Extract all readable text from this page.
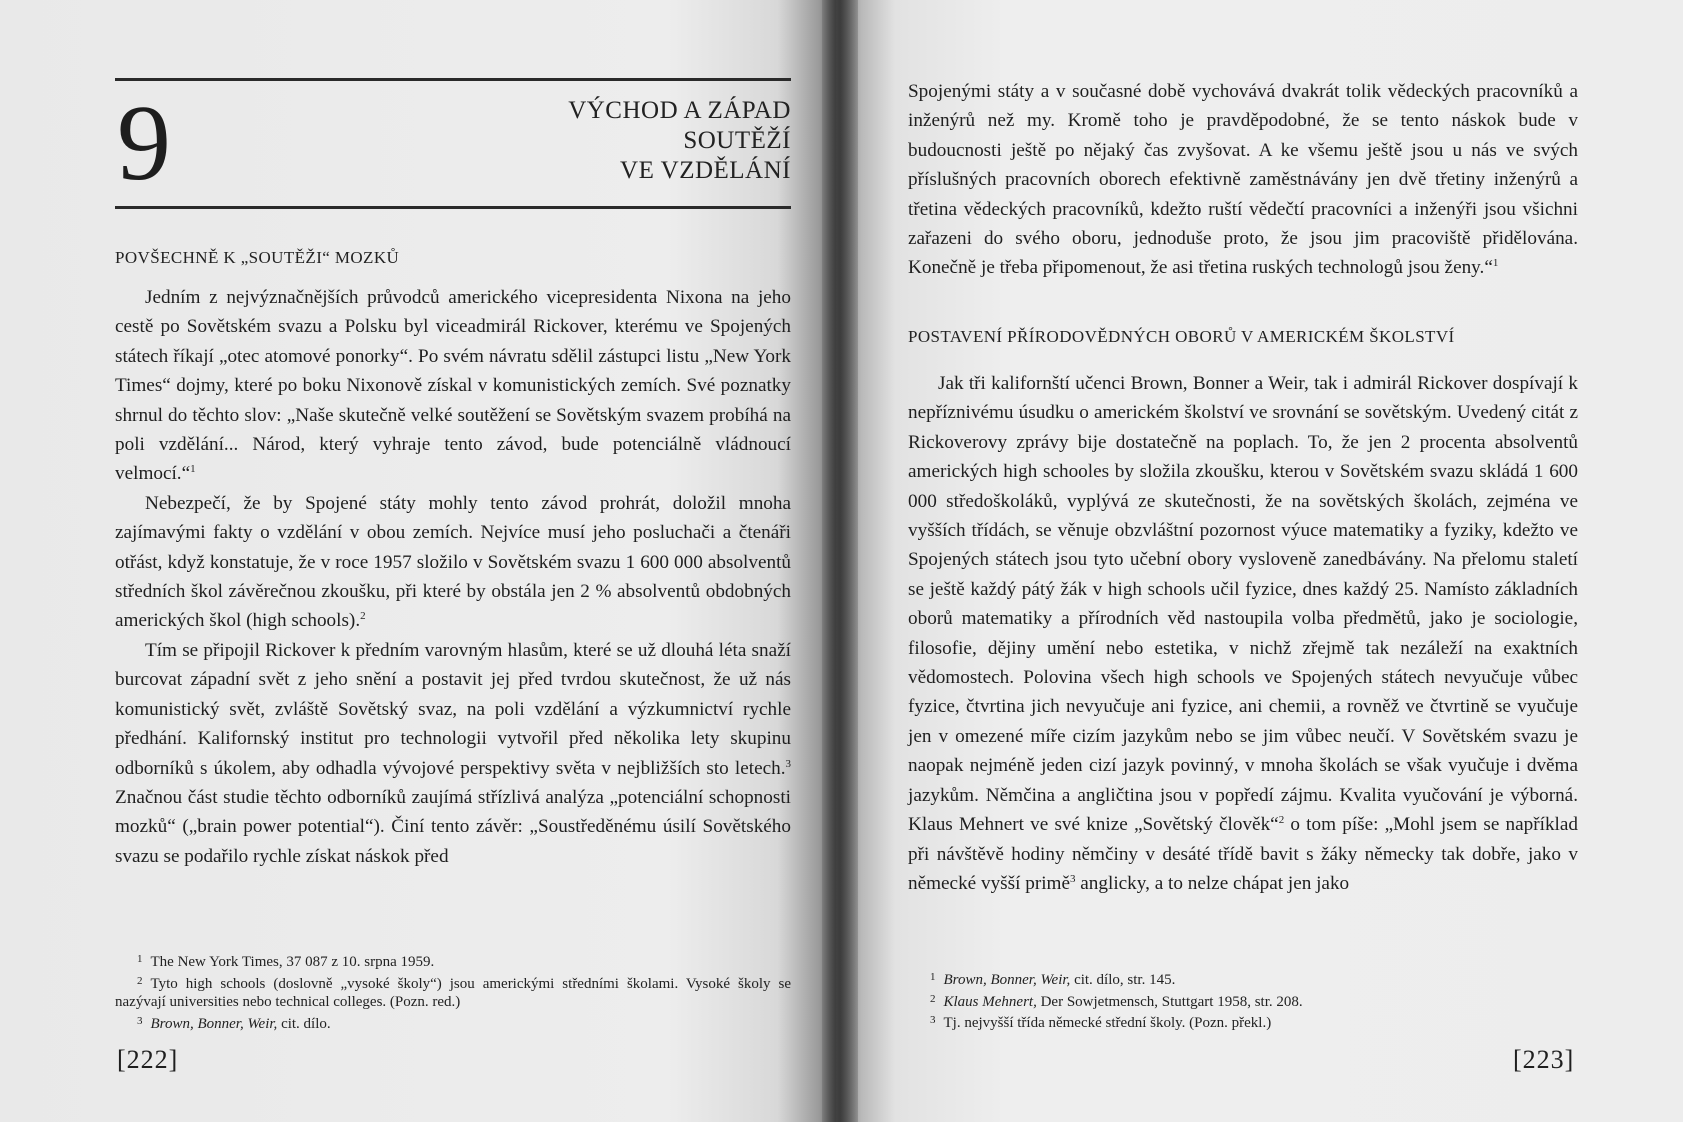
9	VÝCHOD A ZÁPAD
SOUTĚŽÍ
VE VZDĚLÁNÍ
POVŠECHNĚ K „SOUTĚŽI“ MOZKŮ

Jedním z nejvýznačnějších průvodců amerického vicepresidenta Nixona na jeho cestě po Sovětském svazu a Polsku byl viceadmirál Rickover, kterému ve Spojených státech říkají „otec atomové ponorky“. Po svém návratu sdělil zástupci listu „New York Times“ dojmy, které po boku Nixonově získal v komunistických zemích. Své poznatky shrnul do těchto slov: „Naše skutečně velké soutěžení se Sovětským svazem probíhá na poli vzdělání... Národ, který vyhraje tento závod, bude potenciálně vládnoucí velmocí.“$^1$

Nebezpečí, že by Spojené státy mohly tento závod prohrát, doložil mnoha zajímavými fakty o vzdělání v obou zemích. Nejvíce musí jeho posluchači a čtenáři otřást, když konstatuje, že v roce 1957 složilo v Sovětském svazu 1 600 000 absolventů středních škol závěrečnou zkoušku, při které by obstála jen 2 % absolventů obdobných amerických škol (high schools).$^2$

Tím se připojil Rickover k předním varovným hlasům, které se už dlouhá léta snaží burcovat západní svět z jeho snění a postavit jej před tvrdou skutečnost, že už nás komunistický svět, zvláště Sovětský svaz, na poli vzdělání a výzkumnictví rychle předhání. Kalifornský institut pro technologii vytvořil před několika lety skupinu odborníků s úkolem, aby odhadla vývojové perspektivy světa v nejbližších sto letech.$^3$ Značnou část studie těchto odborníků zaujímá střízlivá analýza „potenciální schopnosti mozků“ („brain power potential“). Činí tento závěr: „Soustředěnému úsilí Sovětského svazu se podařilo rychle získat náskok před

$^1$ The New York Times, 37 087 z 10. srpna 1959.
$^2$ Tyto high schools (doslovně „vysoké školy“) jsou americkými středními školami. Vysoké školy se nazývají universities nebo technical colleges. (Pozn. red.)
$^3$ Brown, Bonner, Weir, cit. dílo.
[222]

Spojenými státy a v současné době vychovává dvakrát tolik vědeckých pracovníků a inženýrů než my. Kromě toho je pravděpodobné, že se tento náskok bude v budoucnosti ještě po nějaký čas zvyšovat. A ke všemu ještě jsou u nás ve svých příslušných pracovních oborech efektivně zaměstnávány jen dvě třetiny inženýrů a třetina vědeckých pracovníků, kdežto ruští vědečtí pracovníci a inženýři jsou všichni zařazeni do svého oboru, jednoduše proto, že jsou jim pracoviště přidělována. Konečně je třeba připomenout, že asi třetina ruských technologů jsou ženy.“$^1$

POSTAVENÍ PŘÍRODOVĚDNÝCH OBORŮ V AMERICKÉM ŠKOLSTVÍ

Jak tři kalifornští učenci Brown, Bonner a Weir, tak i admirál Rickover dospívají k nepříznivému úsudku o americkém školství ve srovnání se sovětským. Uvedený citát z Rickoverovy zprávy bije dostatečně na poplach. To, že jen 2 procenta absolventů amerických high schooles by složila zkoušku, kterou v Sovětském svazu skládá 1 600 000 středoškoláků, vyplývá ze skutečnosti, že na sovětských školách, zejména ve vyšších třídách, se věnuje obzvláštní pozornost výuce matematiky a fyziky, kdežto ve Spojených státech jsou tyto učební obory vysloveně zanedbávány. Na přelomu staletí se ještě každý pátý žák v high schools učil fyzice, dnes každý 25. Namísto základních oborů matematiky a přírodních věd nastoupila volba předmětů, jako je sociologie, filosofie, dějiny umění nebo estetika, v nichž zřejmě tak nezáleží na exaktních vědomostech. Polovina všech high schools ve Spojených státech nevyučuje vůbec fyzice, čtvrtina jich nevyučuje ani fyzice, ani chemii, a rovněž ve čtvrtině se vyučuje jen v omezené míře cizím jazykům nebo se jim vůbec neučí. V Sovětském svazu je naopak nejméně jeden cizí jazyk povinný, v mnoha školách se však vyučuje i dvěma jazykům. Němčina a angličtina jsou v popředí zájmu. Kvalita vyučování je výborná. Klaus Mehnert ve své knize „Sovětský člověk“$^2$ o tom píše: „Mohl jsem se například při návštěvě hodiny němčiny v desáté třídě bavit s žáky německy tak dobře, jako v německé vyšší primě$^3$ anglicky, a to nelze chápat jen jako

$^1$ Brown, Bonner, Weir, cit. dílo, str. 145.
$^2$ Klaus Mehnert, Der Sowjetmensch, Stuttgart 1958, str. 208.
$^3$ Tj. nejvyšší třída německé střední školy. (Pozn. překl.)
[223]
